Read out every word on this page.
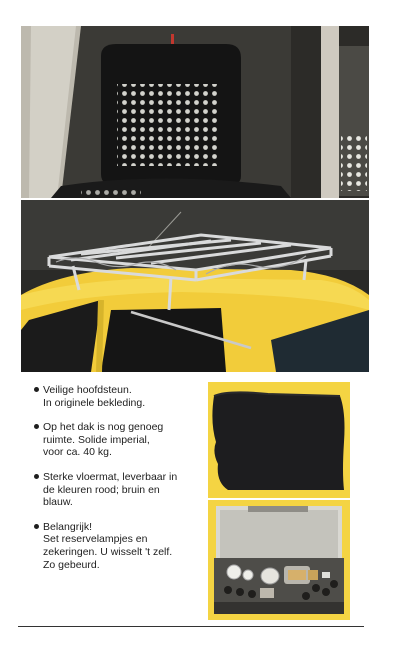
Veilige hoofdsteun.
In originele bekleding.
Op het dak is nog genoeg
ruimte. Solide imperial,
voor ca. 40 kg.
Sterke vloermat, leverbaar in
de kleuren rood; bruin en
blauw.
Belangrijk!
Set reservelampjes en
zekeringen. U wisselt 't zelf.
Zo gebeurd.
